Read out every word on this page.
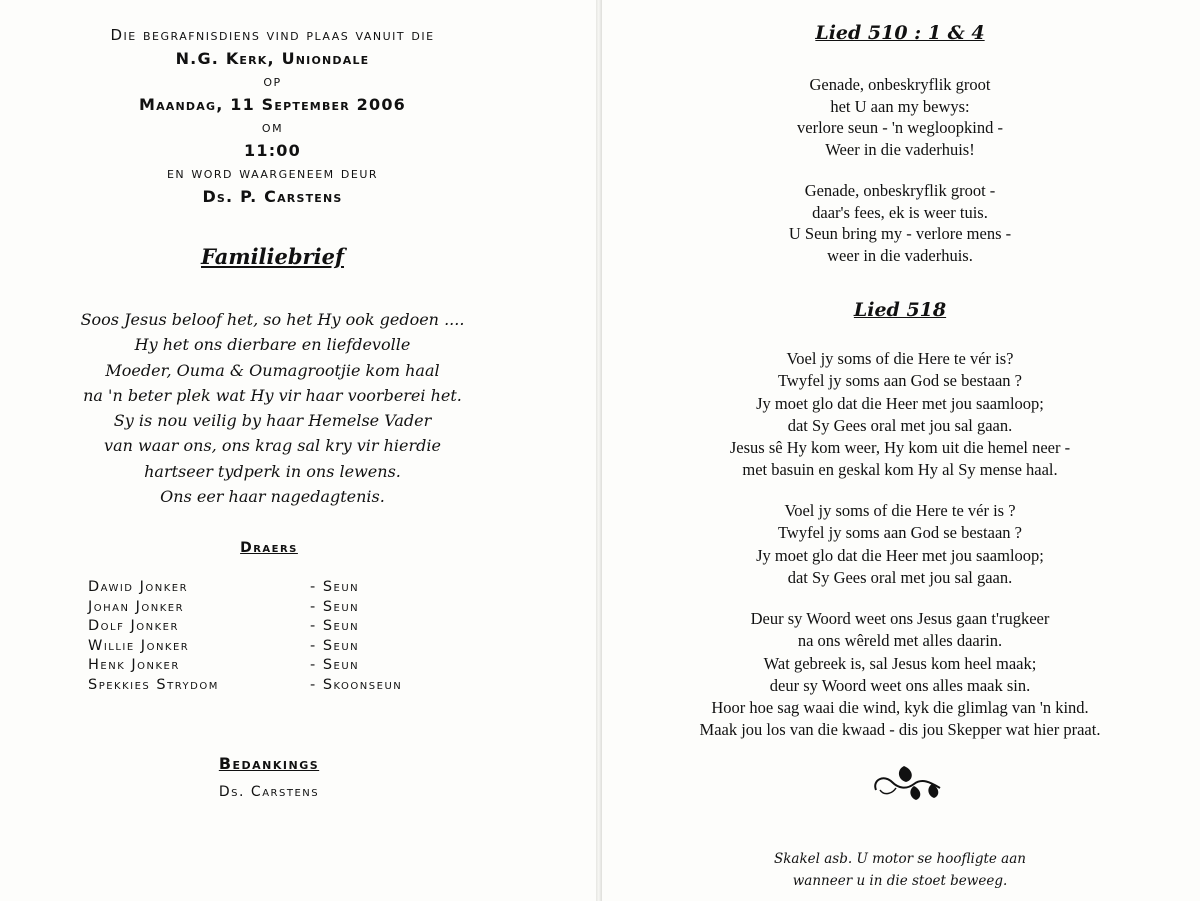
Die begrafnisdiens vind plaas vanuit die
N.G. Kerk, Uniondale
op
Maandag, 11 September 2006
om
11:00
en word waargeneem deur
Ds. P. Carstens
Familiebrief
Soos Jesus beloof het, so het Hy ook gedoen ....
Hy het ons dierbare en liefdevolle
Moeder, Ouma & Oumagrootjie kom haal
na 'n beter plek wat Hy vir haar voorberei het.
Sy is nou veilig by haar Hemelse Vader
van waar ons, ons krag sal kry vir hierdie
hartseer tydperk in ons lewens.
Ons eer haar nagedagtenis.
Draers
Dawid Jonker	- Seun
Johan Jonker	- Seun
Dolf Jonker	- Seun
Willie Jonker	- Seun
Henk Jonker	- Seun
Spekkies Strydom	- Skoonseun
Bedankings
Ds. Carstens
Lied 510 : 1 & 4
Genade, onbeskryflik groot
het U aan my bewys:
verlore seun - 'n wegloopkind -
Weer in die vaderhuis!
Genade, onbeskryflik groot -
daar's fees, ek is weer tuis.
U Seun bring my - verlore mens -
weer in die vaderhuis.
Lied 518
Voel jy soms of die Here te vér is?
Twyfel jy soms aan God se bestaan ?
Jy moet glo dat die Heer met jou saamloop;
dat Sy Gees oral met jou sal gaan.
Jesus sê Hy kom weer, Hy kom uit die hemel neer -
met basuin en geskal kom Hy al Sy mense haal.
Voel jy soms of die Here te vér is ?
Twyfel jy soms aan God se bestaan ?
Jy moet glo dat die Heer met jou saamloop;
dat Sy Gees oral met jou sal gaan.
Deur sy Woord weet ons Jesus gaan t'rugkeer
na ons wêreld met alles daarin.
Wat gebreek is, sal Jesus kom heel maak;
deur sy Woord weet ons alles maak sin.
Hoor hoe sag waai die wind, kyk die glimlag van 'n kind.
Maak jou los van die kwaad - dis jou Skepper wat hier praat.
Skakel asb. U motor se hoofligte aan
wanneer u in die stoet beweeg.
